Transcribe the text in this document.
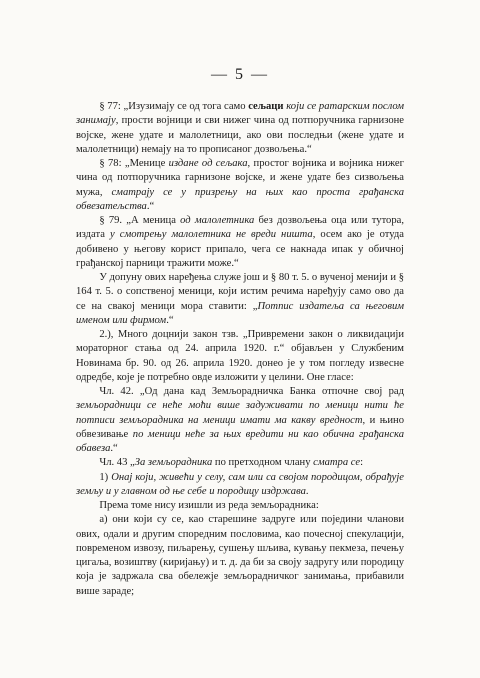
— 5 —

§ 77: „Изузимају се од тога само сељаци који се ратарским послом занимају, прости војници и сви нижег чина од потпоручника гарнизоне војске, жене удате и малолетници, ако ови последњи (жене удате и малолетници) немају на то прописаног дозвољења.“

§ 78: „Менице издане од сељака, простог војника и војника нижег чина од потпоручника гарнизоне војске, и жене удате без сизвољења мужа, сматрају се у призрењу на њих као проста грађанска обвезатељства.“

§ 79. „А меница од малолетника без дозвољења оца или тутора, издата у смотрењу малолетника не вреди ништа, осем ако је отуда добивено у његову корист припало, чега се накнада ипак у обичној грађанској парници тражити може.“

У допуну ових наређења служе још и § 80 т. 5. о вученој менији и § 164 т. 5. о сопственој меници, који истим речима наређују само ово да се на свакој меници мора ставити: „Потпис издатеља са његовим именом или фирмом.“

2.), Много доцнији закон тзв. „Привремени закон о ликвидацији мораторног стања од 24. априла 1920. г.“ објављен у Службеним Новинама бр. 90. од 26. априла 1920. донео је у том погледу извесне одредбе, које је потребно овде изложити у целини. Оне гласе:

Чл. 42. „Од дана кад Земљорадничка Банка отпочне свој рад земљорадници се неће моћи више задуживати по меници нити ће потписи земљорадника на меници имати ма какву вредност, и њино обвезивање по меници неће за њих вредити ни као обична грађанска обавеза.“

Чл. 43 „За земљорадника по претходном члану сматра се:

1) Онај који, живећи у селу, сам или са својом породицом, обрађује земљу и у главном од ње себе и породицу издржава.

Према томе нису изишли из реда земљорадника:

а) они који су се, као старешине задруге или поједини чланови ових, одали и другим споредним пословима, као почесној спекулацији, повременом извозу, пиљарењу, сушењу шљива, кувању пекмеза, печењу цигаља, возиштву (киријању) и т. д. да би за своју задругу или породицу која је задржала сва обележје земљорадничког занимања, прибавили више зараде;
